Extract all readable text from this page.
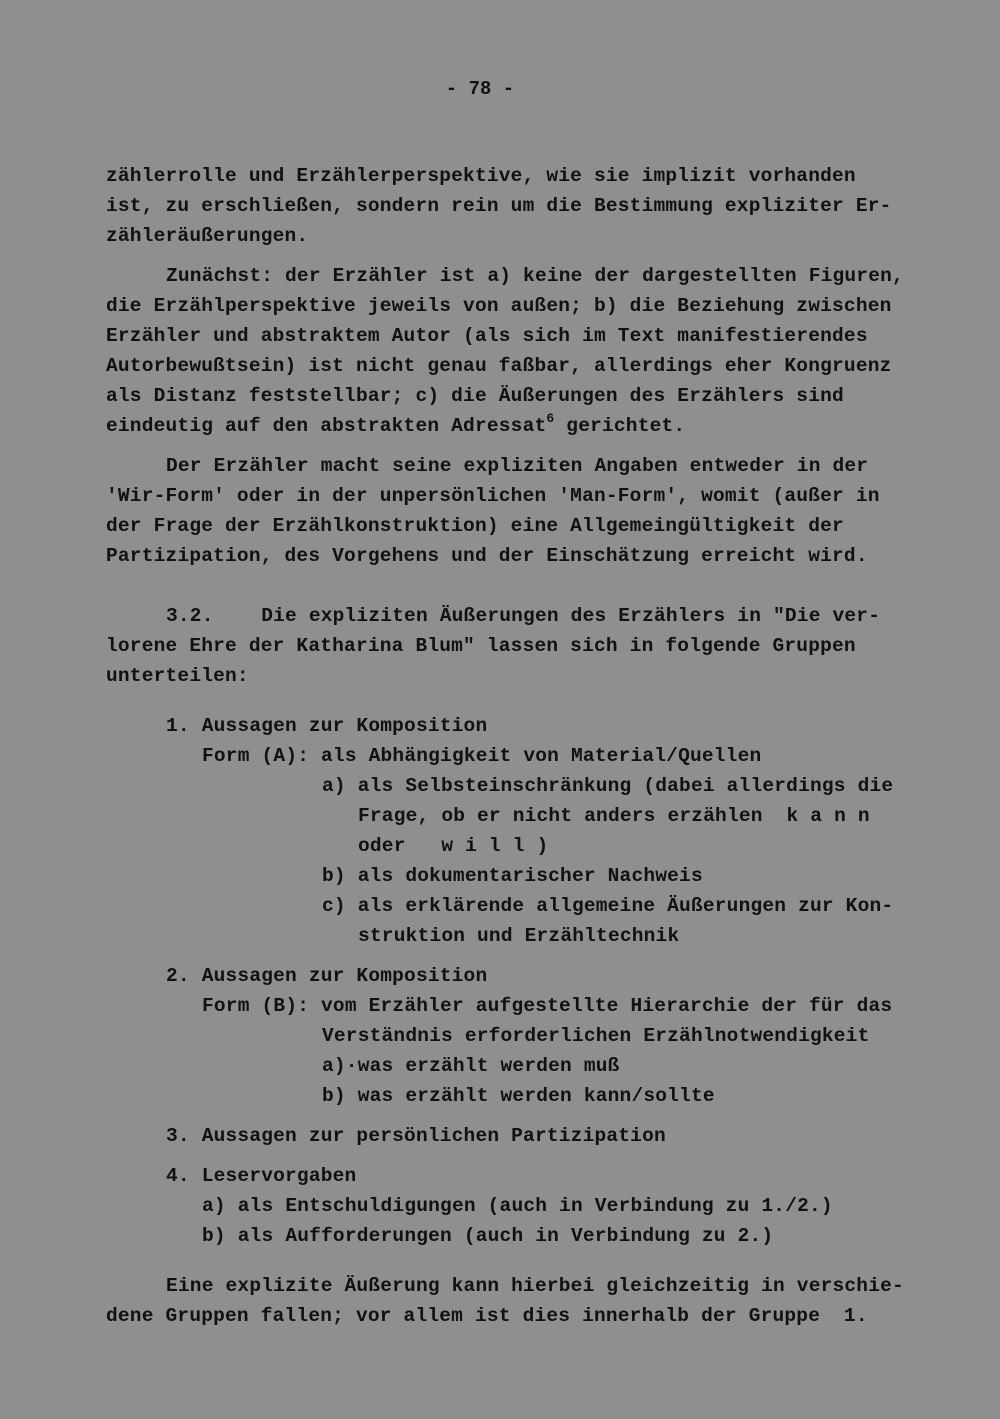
- 78 -
zählerrolle und Erzählerperspektive, wie sie implizit vorhanden
ist, zu erschließen, sondern rein um die Bestimmung expliziter Er-
zähleräußerungen.
Zunächst: der Erzähler ist a) keine der dargestellten Figuren,
die Erzählperspektive jeweils von außen; b) die Beziehung zwischen
Erzähler und abstraktem Autor (als sich im Text manifestierendes
Autorbewußtsein) ist nicht genau faßbar, allerdings eher Kongruenz
als Distanz feststellbar; c) die Äußerungen des Erzählers sind
eindeutig auf den abstrakten Adressat$^6$ gerichtet.
Der Erzähler macht seine expliziten Angaben entweder in der
'Wir-Form' oder in der unpersönlichen 'Man-Form', womit (außer in
der Frage der Erzählkonstruktion) eine Allgemeingültigkeit der
Partizipation, des Vorgehens und der Einschätzung erreicht wird.
3.2.    Die expliziten Äußerungen des Erzählers in "Die ver-
lorene Ehre der Katharina Blum" lassen sich in folgende Gruppen
unterteilen:
1. Aussagen zur Komposition
Form (A): als Abhängigkeit von Material/Quellen
a) als Selbsteinschränkung (dabei allerdings die
Frage, ob er nicht anders erzählen  k a n n
oder   w i l l )
b) als dokumentarischer Nachweis
c) als erklärende allgemeine Äußerungen zur Kon-
struktion und Erzähltechnik
2. Aussagen zur Komposition
Form (B): vom Erzähler aufgestellte Hierarchie der für das
Verständnis erforderlichen Erzählnotwendigkeit
a)·was erzählt werden muß
b) was erzählt werden kann/sollte
3. Aussagen zur persönlichen Partizipation
4. Leservorgaben
a) als Entschuldigungen (auch in Verbindung zu 1./2.)
b) als Aufforderungen (auch in Verbindung zu 2.)
Eine explizite Äußerung kann hierbei gleichzeitig in verschie-
dene Gruppen fallen; vor allem ist dies innerhalb der Gruppe  1.
